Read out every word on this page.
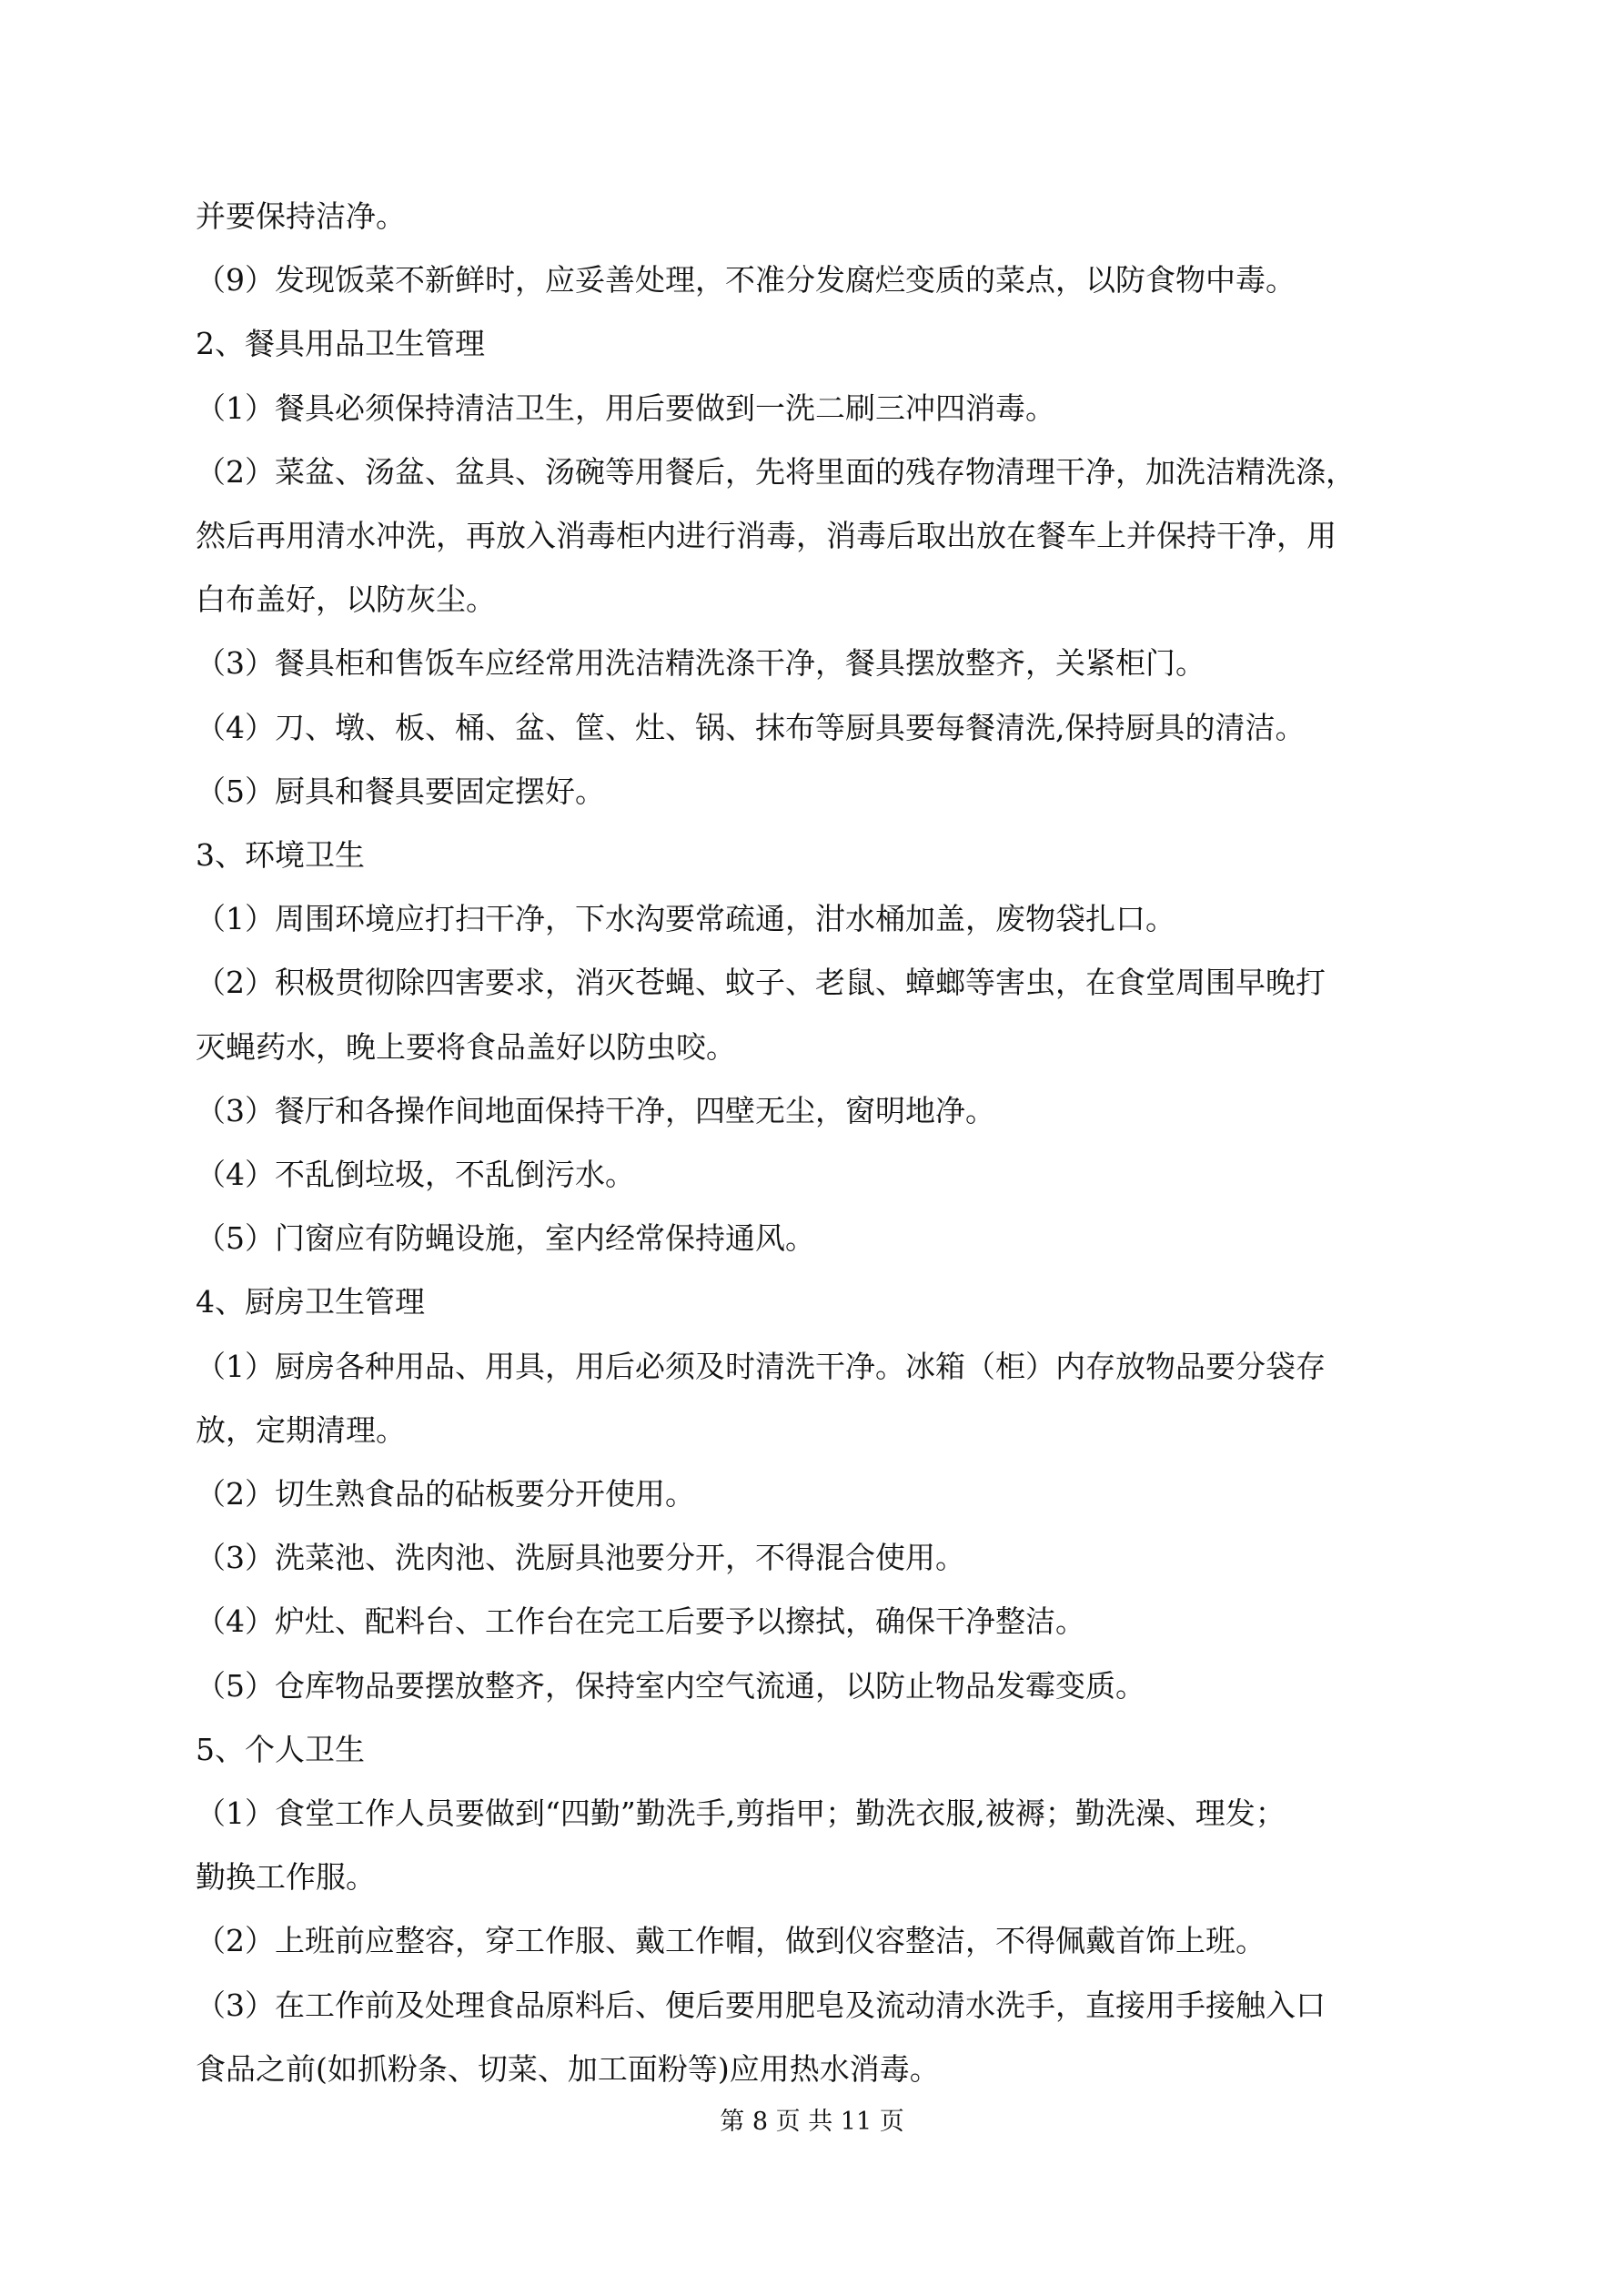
并要保持洁净。

（9）发现饭菜不新鲜时，应妥善处理，不准分发腐烂变质的菜点，以防食物中毒。

2、餐具用品卫生管理

（1）餐具必须保持清洁卫生，用后要做到一洗二刷三冲四消毒。

（2）菜盆、汤盆、盆具、汤碗等用餐后，先将里面的残存物清理干净，加洗洁精洗涤，

然后再用清水冲洗，再放入消毒柜内进行消毒，消毒后取出放在餐车上并保持干净，用

白布盖好，以防灰尘。

（3）餐具柜和售饭车应经常用洗洁精洗涤干净，餐具摆放整齐，关紧柜门。

（4）刀、墩、板、桶、盆、筐、灶、锅、抹布等厨具要每餐清洗,保持厨具的清洁。

（5）厨具和餐具要固定摆好。

3、环境卫生

（1）周围环境应打扫干净，下水沟要常疏通，泔水桶加盖，废物袋扎口。

（2）积极贯彻除四害要求，消灭苍蝇、蚊子、老鼠、蟑螂等害虫，在食堂周围早晚打

灭蝇药水，晚上要将食品盖好以防虫咬。

（3）餐厅和各操作间地面保持干净，四壁无尘，窗明地净。

（4）不乱倒垃圾，不乱倒污水。

（5）门窗应有防蝇设施，室内经常保持通风。

4、厨房卫生管理

（1）厨房各种用品、用具，用后必须及时清洗干净。冰箱（柜）内存放物品要分袋存

放，定期清理。

（2）切生熟食品的砧板要分开使用。

（3）洗菜池、洗肉池、洗厨具池要分开，不得混合使用。

（4）炉灶、配料台、工作台在完工后要予以擦拭，确保干净整洁。

（5）仓库物品要摆放整齐，保持室内空气流通，以防止物品发霉变质。

5、个人卫生

（1）食堂工作人员要做到“四勤”勤洗手,剪指甲；勤洗衣服,被褥；勤洗澡、理发；

勤换工作服。

（2）上班前应整容，穿工作服、戴工作帽，做到仪容整洁，不得佩戴首饰上班。

（3）在工作前及处理食品原料后、便后要用肥皂及流动清水洗手，直接用手接触入口

食品之前(如抓粉条、切菜、加工面粉等)应用热水消毒。

第 8 页 共 11 页
